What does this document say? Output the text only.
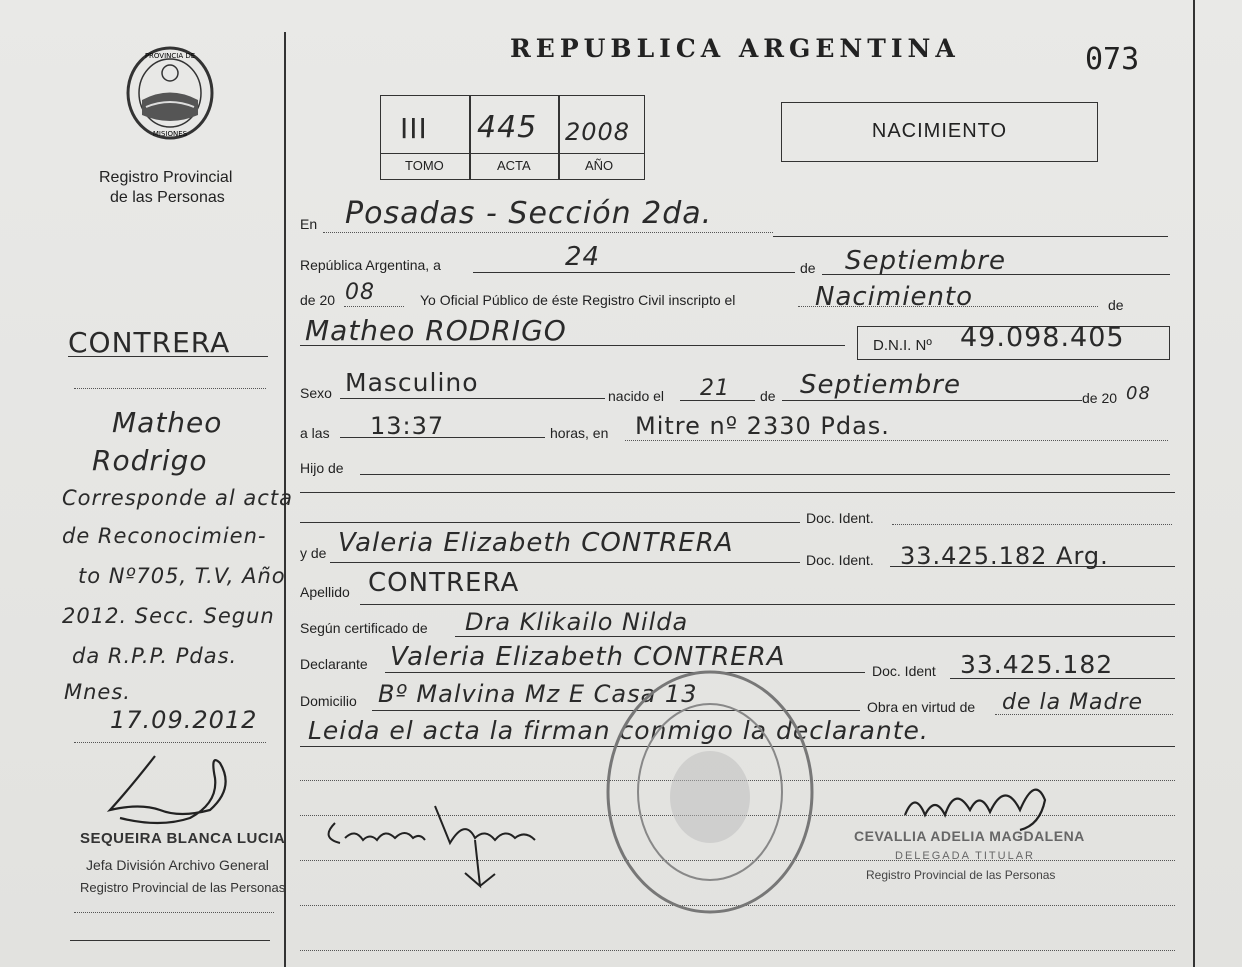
REPUBLICA ARGENTINA	073
III 445 2008
TOMO	ACTA	AÑO
NACIMIENTO
PROVINCIA DE
MISIONES
Registro Provincial
de las Personas
CONTRERA
Matheo
Rodrigo
Corresponde al acta
de Reconocimien-
to Nº705, T.V, Año
2012. Secc. Segun
da R.P.P. Pdas.
Mnes.
17.09.2012
SEQUEIRA BLANCA LUCIA
Jefa División Archivo General
Registro Provincial de las Personas
En Posadas - Sección 2da.
República Argentina, a	24	de Septiembre
de 20 08	Yo Oficial Público de éste Registro Civil inscripto el	Nacimiento	de
Matheo RODRIGO	D.N.I. Nº 49.098.405
Sexo Masculino	nacido el 21 de Septiembre	de 20 08
a las 13:37	horas, en Mitre nº 2330 Pdas.
Hijo de
Doc. Ident.
y de Valeria Elizabeth CONTRERA
Doc. Ident. 33.425.182 Arg.
Apellido CONTRERA
Según certificado de Dra Klikailo Nilda
Declarante Valeria Elizabeth CONTRERA	Doc. Ident 33.425.182
Domicilio Bº Malvina Mz E Casa 13	Obra en virtud de de la Madre
Leida el acta la firman conmigo la declarante.
CEVALLIA ADELIA MAGDALENA
DELEGADA TITULAR
Registro Provincial de las Personas
